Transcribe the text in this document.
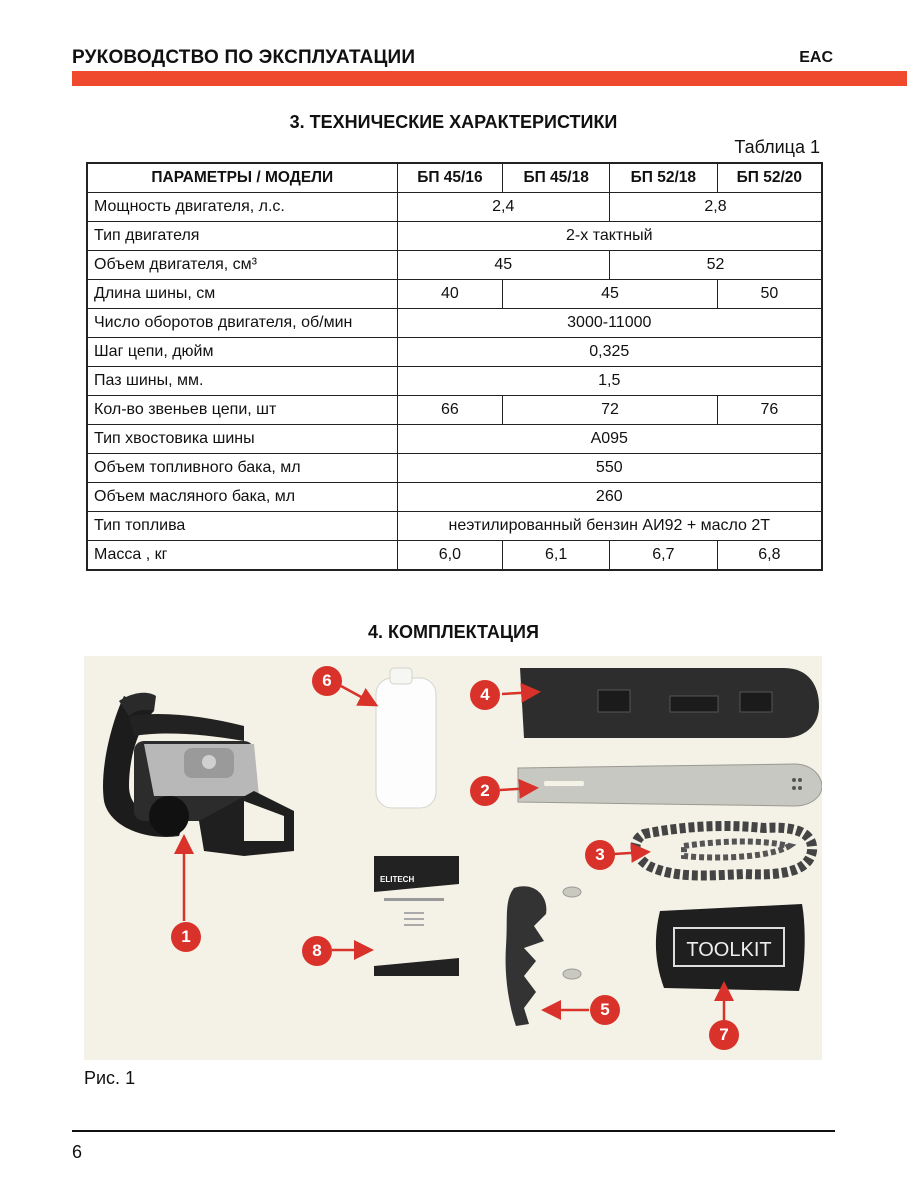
РУКОВОДСТВО ПО ЭКСПЛУАТАЦИИ	EAC
3. ТЕХНИЧЕСКИЕ ХАРАКТЕРИСТИКИ
Таблица 1
ПАРАМЕТРЫ / МОДЕЛИ	БП 45/16	БП 45/18	БП 52/18	БП 52/20
Мощность двигателя, л.с.	2,4		2,8	
Тип двигателя	2-х тактный			
Объем двигателя, см³	45		52	
Длина шины, см	40	45		50
Число оборотов двигателя, об/мин	3000-11000			
Шаг цепи, дюйм	0,325			
Паз шины, мм.	1,5			
Кол-во звеньев цепи, шт	66	72		76
Тип хвостовика шины	A095			
Объем топливного бака, мл	550			
Объем масляного бака, мл	260			
Тип топлива	неэтилированный бензин АИ92 + масло 2Т			
Масса , кг	6,0	6,1	6,7	6,8
4. КОМПЛЕКТАЦИЯ
ELITECH
TOOLKIT
1
2
3
4
5
6
7
8
Рис. 1
6
